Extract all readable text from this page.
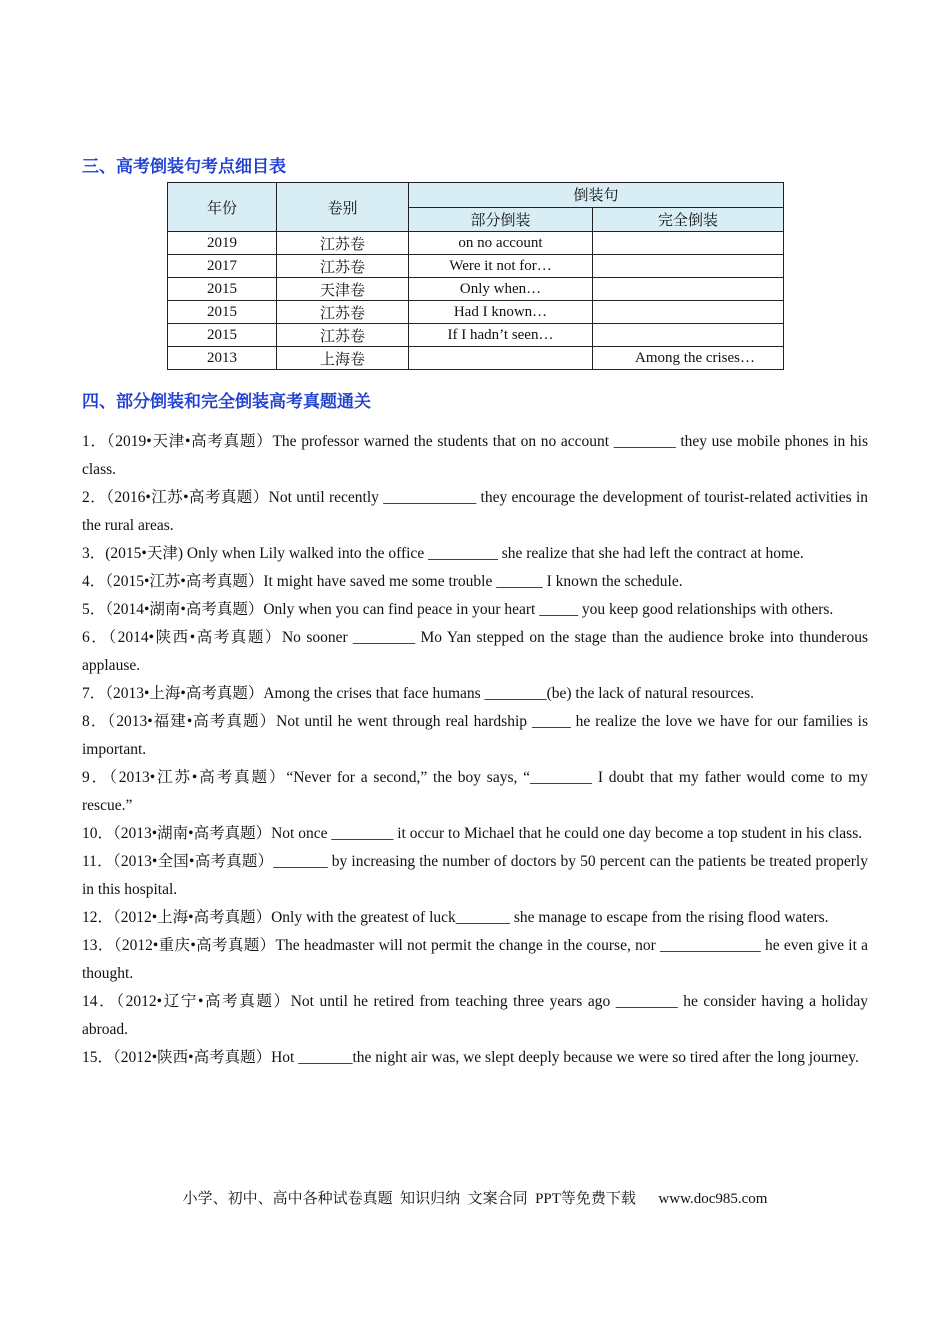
三、高考倒装句考点细目表
年份	卷别	倒装句	
		部分倒装	完全倒装
2019	江苏卷	on no account	
2017	江苏卷	Were it not for…	
2015	天津卷	Only when…	
2015	江苏卷	Had I known…	
2015	江苏卷	If I hadn’t seen…	
2013	上海卷		Among the crises…
四、部分倒装和完全倒装高考真题通关

1．（2019•天津•高考真题）The professor warned the students that on no account ________ they use mobile phones in his class.

2．（2016•江苏•高考真题）Not until recently ____________ they encourage the development of tourist-related activities in the rural areas.

3．(2015•天津) Only when Lily walked into the office _________ she realize that she had left the contract at home.

4．（2015•江苏•高考真题）It might have saved me some trouble ______ I known the schedule.

5．（2014•湖南•高考真题）Only when you can find peace in your heart _____ you keep good relationships with others.

6．（2014•陕西•高考真题）No sooner ________ Mo Yan stepped on the stage than the audience broke into thunderous applause.

7．（2013•上海•高考真题）Among the crises that face humans ________(be) the lack of natural resources.

8．（2013•福建•高考真题）Not until he went through real hardship _____ he realize the love we have for our families is important.

9．（2013•江苏•高考真题）“Never for a second,” the boy says, “________ I doubt that my father would come to my rescue.”

10．（2013•湖南•高考真题）Not once ________ it occur to Michael that he could one day become a top student in his class.

11．（2013•全国•高考真题）_______ by increasing the number of doctors by 50 percent can the patients be treated properly in this hospital.

12．（2012•上海•高考真题）Only with the greatest of luck_______ she manage to escape from the rising flood waters.

13．（2012•重庆•高考真题）The headmaster will not permit the change in the course, nor _____________ he even give it a thought.

14．（2012•辽宁•高考真题）Not until he retired from teaching three years ago ________ he consider having a holiday abroad.

15．（2012•陕西•高考真题）Hot _______the night air was, we slept deeply because we were so tired after the long journey.

小学、初中、高中各种试卷真题  知识归纳  文案合同  PPT等免费下载 www.doc985.com
